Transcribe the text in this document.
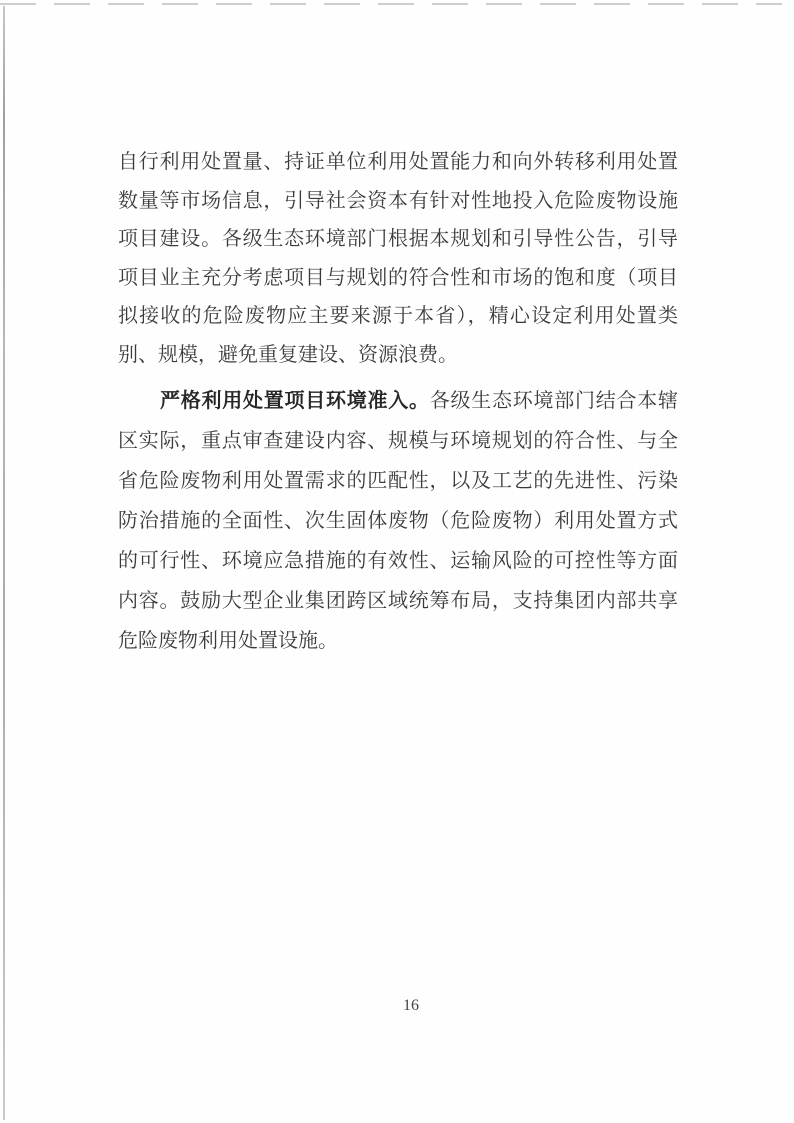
自行利用处置量、持证单位利用处置能力和向外转移利用处置
数量等市场信息，引导社会资本有针对性地投入危险废物设施
项目建设。各级生态环境部门根据本规划和引导性公告，引导
项目业主充分考虑项目与规划的符合性和市场的饱和度（项目
拟接收的危险废物应主要来源于本省），精心设定利用处置类
别、规模，避免重复建设、资源浪费。

严格利用处置项目环境准入。各级生态环境部门结合本辖
区实际，重点审查建设内容、规模与环境规划的符合性、与全
省危险废物利用处置需求的匹配性，以及工艺的先进性、污染
防治措施的全面性、次生固体废物（危险废物）利用处置方式
的可行性、环境应急措施的有效性、运输风险的可控性等方面
内容。鼓励大型企业集团跨区域统筹布局，支持集团内部共享
危险废物利用处置设施。

16
